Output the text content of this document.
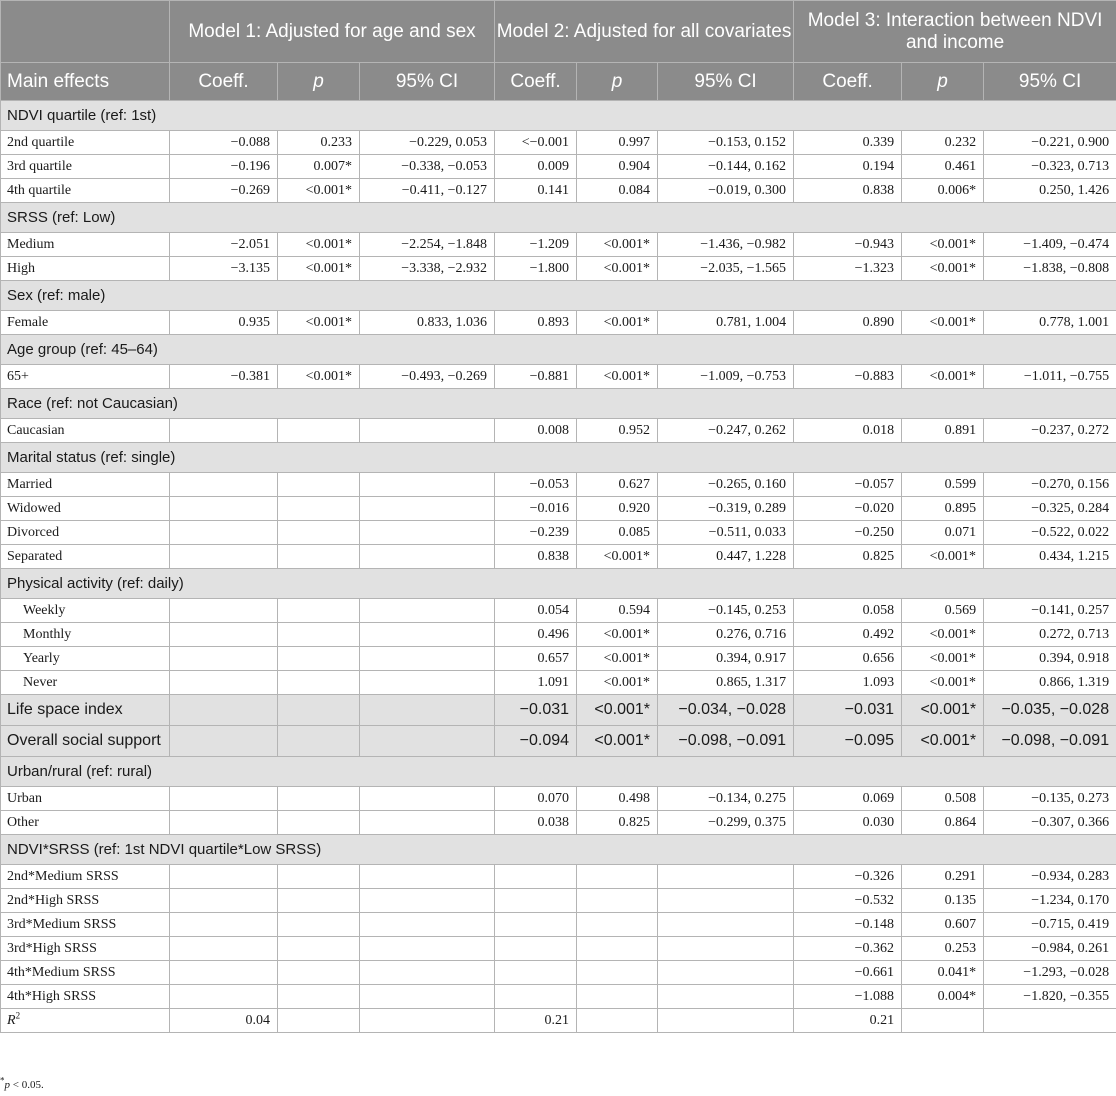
	Model 1: Adjusted for age and sex			Model 2: Adjusted for all covariates			Model 3: Interaction between NDVI and income		
Main effects	Coeff.	p	95% CI	Coeff.	p	95% CI	Coeff.	p	95% CI
NDVI quartile (ref: 1st)									
2nd quartile	−0.088	0.233	−0.229, 0.053	<−0.001	0.997	−0.153, 0.152	0.339	0.232	−0.221, 0.900
3rd quartile	−0.196	0.007*	−0.338, −0.053	0.009	0.904	−0.144, 0.162	0.194	0.461	−0.323, 0.713
4th quartile	−0.269	<0.001*	−0.411, −0.127	0.141	0.084	−0.019, 0.300	0.838	0.006*	0.250, 1.426
SRSS (ref: Low)									
Medium	−2.051	<0.001*	−2.254, −1.848	−1.209	<0.001*	−1.436, −0.982	−0.943	<0.001*	−1.409, −0.474
High	−3.135	<0.001*	−3.338, −2.932	−1.800	<0.001*	−2.035, −1.565	−1.323	<0.001*	−1.838, −0.808
Sex (ref: male)									
Female	0.935	<0.001*	0.833, 1.036	0.893	<0.001*	0.781, 1.004	0.890	<0.001*	0.778, 1.001
Age group (ref: 45–64)									
65+	−0.381	<0.001*	−0.493, −0.269	−0.881	<0.001*	−1.009, −0.753	−0.883	<0.001*	−1.011, −0.755
Race (ref: not Caucasian)									
Caucasian				0.008	0.952	−0.247, 0.262	0.018	0.891	−0.237, 0.272
Marital status (ref: single)									
Married				−0.053	0.627	−0.265, 0.160	−0.057	0.599	−0.270, 0.156
Widowed				−0.016	0.920	−0.319, 0.289	−0.020	0.895	−0.325, 0.284
Divorced				−0.239	0.085	−0.511, 0.033	−0.250	0.071	−0.522, 0.022
Separated				0.838	<0.001*	0.447, 1.228	0.825	<0.001*	0.434, 1.215
Physical activity (ref: daily)									
Weekly				0.054	0.594	−0.145, 0.253	0.058	0.569	−0.141, 0.257
Monthly				0.496	<0.001*	0.276, 0.716	0.492	<0.001*	0.272, 0.713
Yearly				0.657	<0.001*	0.394, 0.917	0.656	<0.001*	0.394, 0.918
Never				1.091	<0.001*	0.865, 1.317	1.093	<0.001*	0.866, 1.319
Life space index				−0.031	<0.001*	−0.034, −0.028	−0.031	<0.001*	−0.035, −0.028
Overall social support				−0.094	<0.001*	−0.098, −0.091	−0.095	<0.001*	−0.098, −0.091
Urban/rural (ref: rural)									
Urban				0.070	0.498	−0.134, 0.275	0.069	0.508	−0.135, 0.273
Other				0.038	0.825	−0.299, 0.375	0.030	0.864	−0.307, 0.366
NDVI*SRSS (ref: 1st NDVI quartile*Low SRSS)									
2nd*Medium SRSS							−0.326	0.291	−0.934, 0.283
2nd*High SRSS							−0.532	0.135	−1.234, 0.170
3rd*Medium SRSS							−0.148	0.607	−0.715, 0.419
3rd*High SRSS							−0.362	0.253	−0.984, 0.261
4th*Medium SRSS							−0.661	0.041*	−1.293, −0.028
4th*High SRSS							−1.088	0.004*	−1.820, −0.355
$R^2$	0.04			0.21			0.21		
*p < 0.05.
